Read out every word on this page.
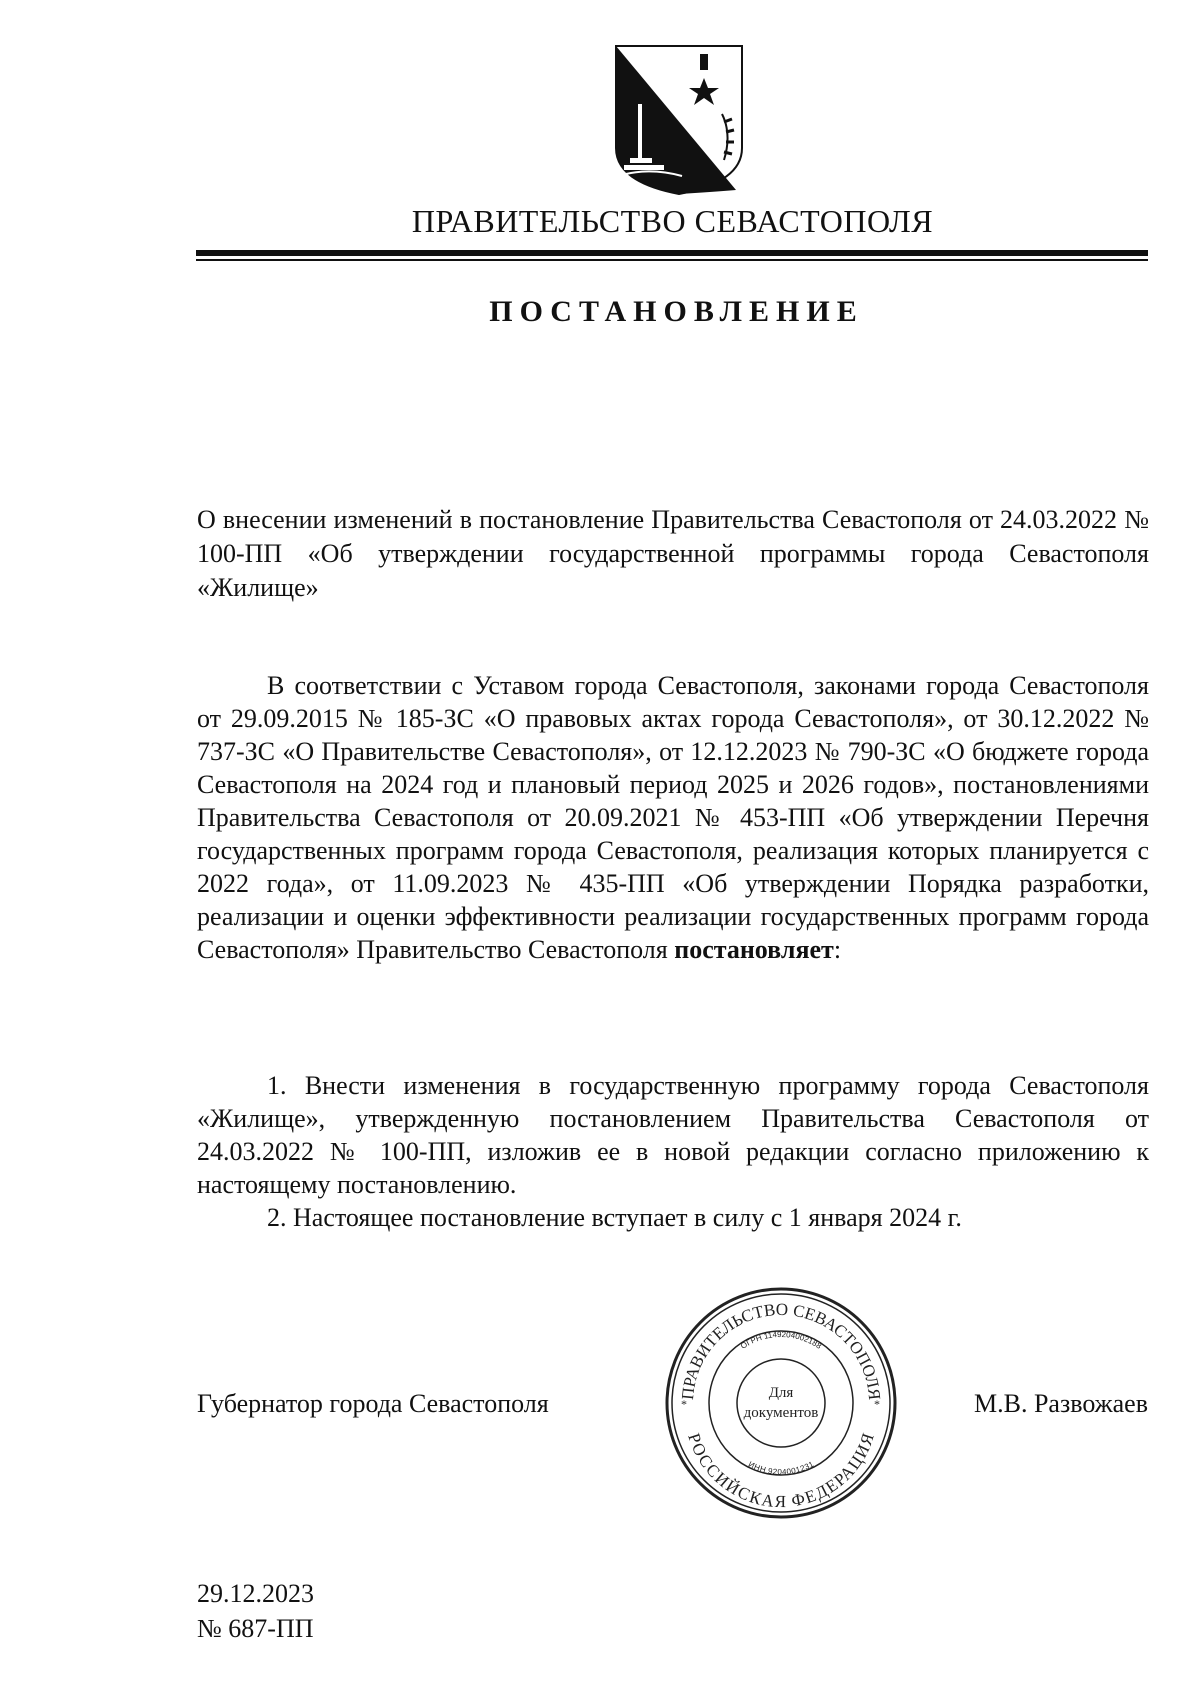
ПРАВИТЕЛЬСТВО СЕВАСТОПОЛЯ
ПОСТАНОВЛЕНИЕ
О внесении изменений в постановление Правительства Севастополя от 24.03.2022 № 100-ПП «Об утверждении государственной программы города Севастополя «Жилище»
В соответствии с Уставом города Севастополя, законами города Севастополя от 29.09.2015 № 185-ЗС «О правовых актах города Севастополя», от 30.12.2022 № 737-ЗС «О Правительстве Севастополя», от 12.12.2023 № 790-ЗС «О бюджете города Севастополя на 2024 год и плановый период 2025 и 2026 годов», постановлениями Правительства Севастополя от 20.09.2021 № 453-ПП «Об утверждении Перечня государственных программ города Севастополя, реализация которых планируется с 2022 года», от 11.09.2023 № 435-ПП «Об утверждении Порядка разработки, реализации и оценки эффективности реализации государственных программ города Севастополя» Правительство Севастополя постановляет:

1. Внести изменения в государственную программу города Севастополя «Жилище», утвержденную постановлением Правительства Севастополя от 24.03.2022 № 100-ПП, изложив ее в новой редакции согласно приложению к настоящему постановлению.

2. Настоящее постановление вступает в силу с 1 января 2024 г.

Губернатор города Севастополя	М.В. Развожаев
ПРАВИТЕЛЬСТВО СЕВАСТОПОЛЯ
РОССИЙСКАЯ ФЕДЕРАЦИЯ
ОГРН 1149204002188
ИНН 9204001231
Для
документов
*	*
29.12.2023
№ 687-ПП
